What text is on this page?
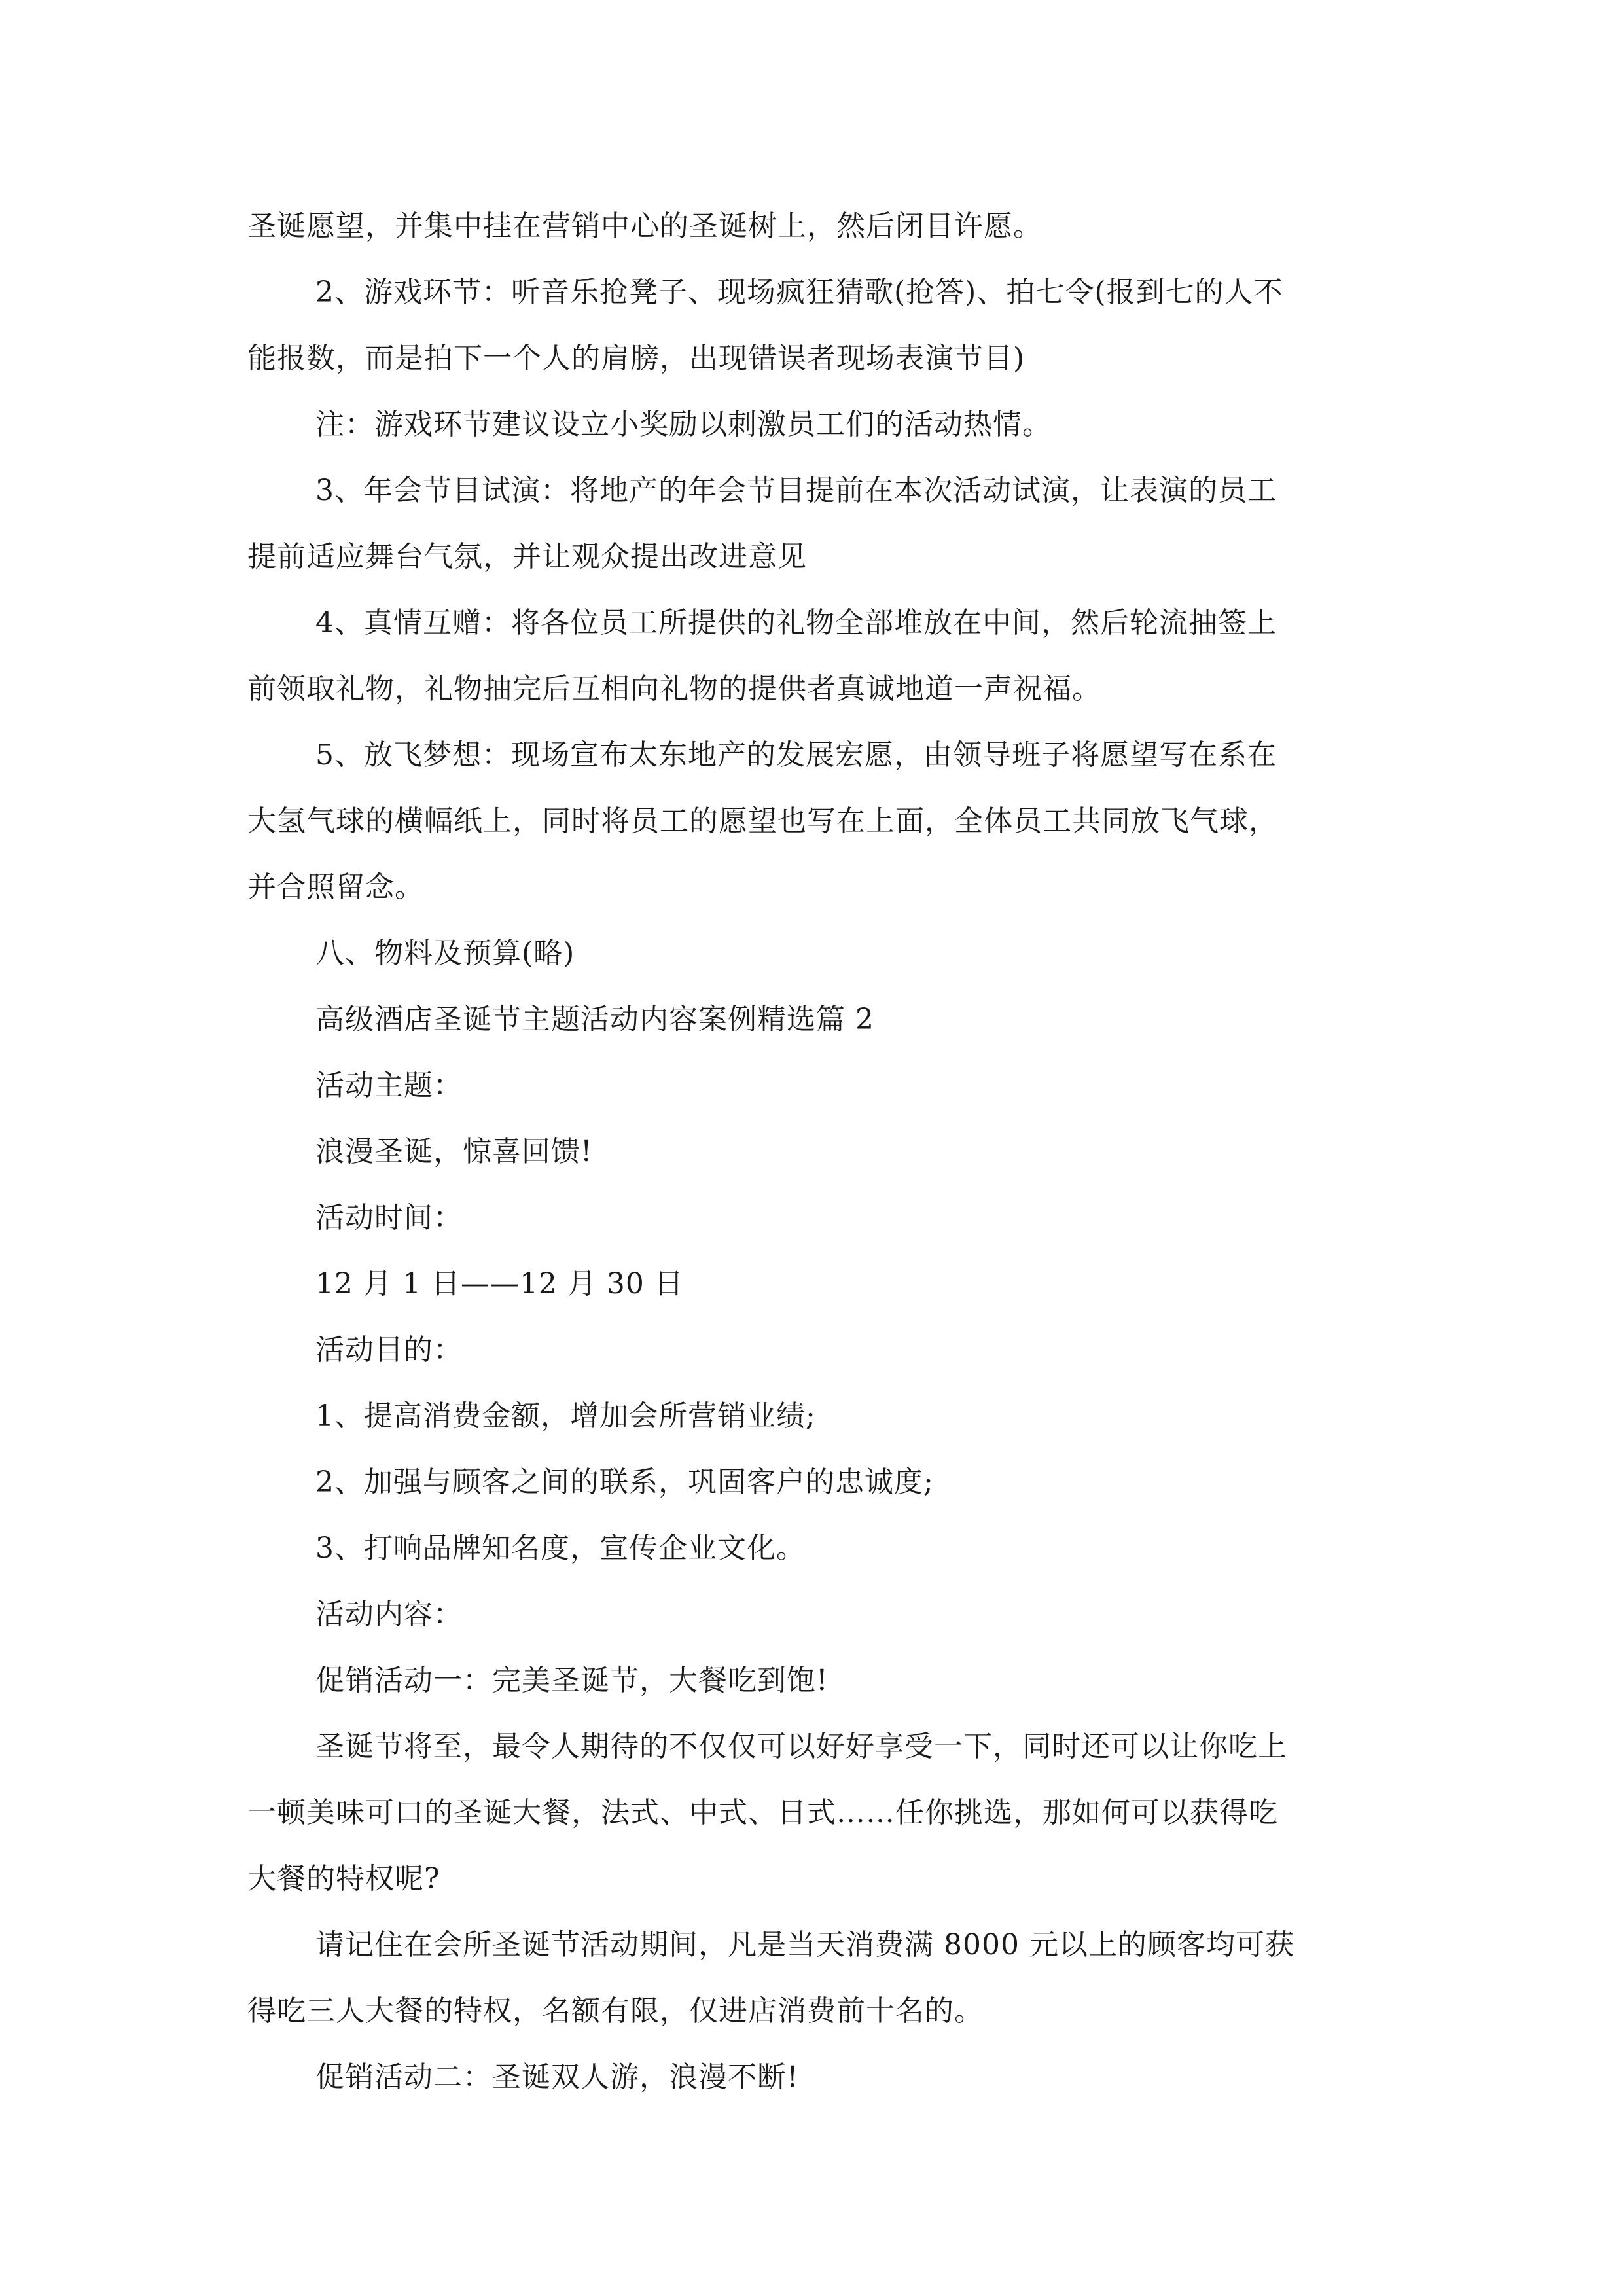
圣诞愿望，并集中挂在营销中心的圣诞树上，然后闭目许愿。
2、游戏环节：听音乐抢凳子、现场疯狂猜歌(抢答)、拍七令(报到七的人不
能报数，而是拍下一个人的肩膀，出现错误者现场表演节目)
注：游戏环节建议设立小奖励以刺激员工们的活动热情。
3、年会节目试演：将地产的年会节目提前在本次活动试演，让表演的员工
提前适应舞台气氛，并让观众提出改进意见
4、真情互赠：将各位员工所提供的礼物全部堆放在中间，然后轮流抽签上
前领取礼物，礼物抽完后互相向礼物的提供者真诚地道一声祝福。
5、放飞梦想：现场宣布太东地产的发展宏愿，由领导班子将愿望写在系在
大氢气球的横幅纸上，同时将员工的愿望也写在上面，全体员工共同放飞气球，
并合照留念。
八、物料及预算(略)
高级酒店圣诞节主题活动内容案例精选篇 2
活动主题：
浪漫圣诞，惊喜回馈!
活动时间：
12 月 1 日——12 月 30 日
活动目的：
1、提高消费金额，增加会所营销业绩;
2、加强与顾客之间的联系，巩固客户的忠诚度;
3、打响品牌知名度，宣传企业文化。
活动内容：
促销活动一：完美圣诞节，大餐吃到饱!
圣诞节将至，最令人期待的不仅仅可以好好享受一下，同时还可以让你吃上
一顿美味可口的圣诞大餐，法式、中式、日式……任你挑选，那如何可以获得吃
大餐的特权呢?
请记住在会所圣诞节活动期间，凡是当天消费满 8000 元以上的顾客均可获
得吃三人大餐的特权，名额有限，仅进店消费前十名的。
促销活动二：圣诞双人游，浪漫不断!
